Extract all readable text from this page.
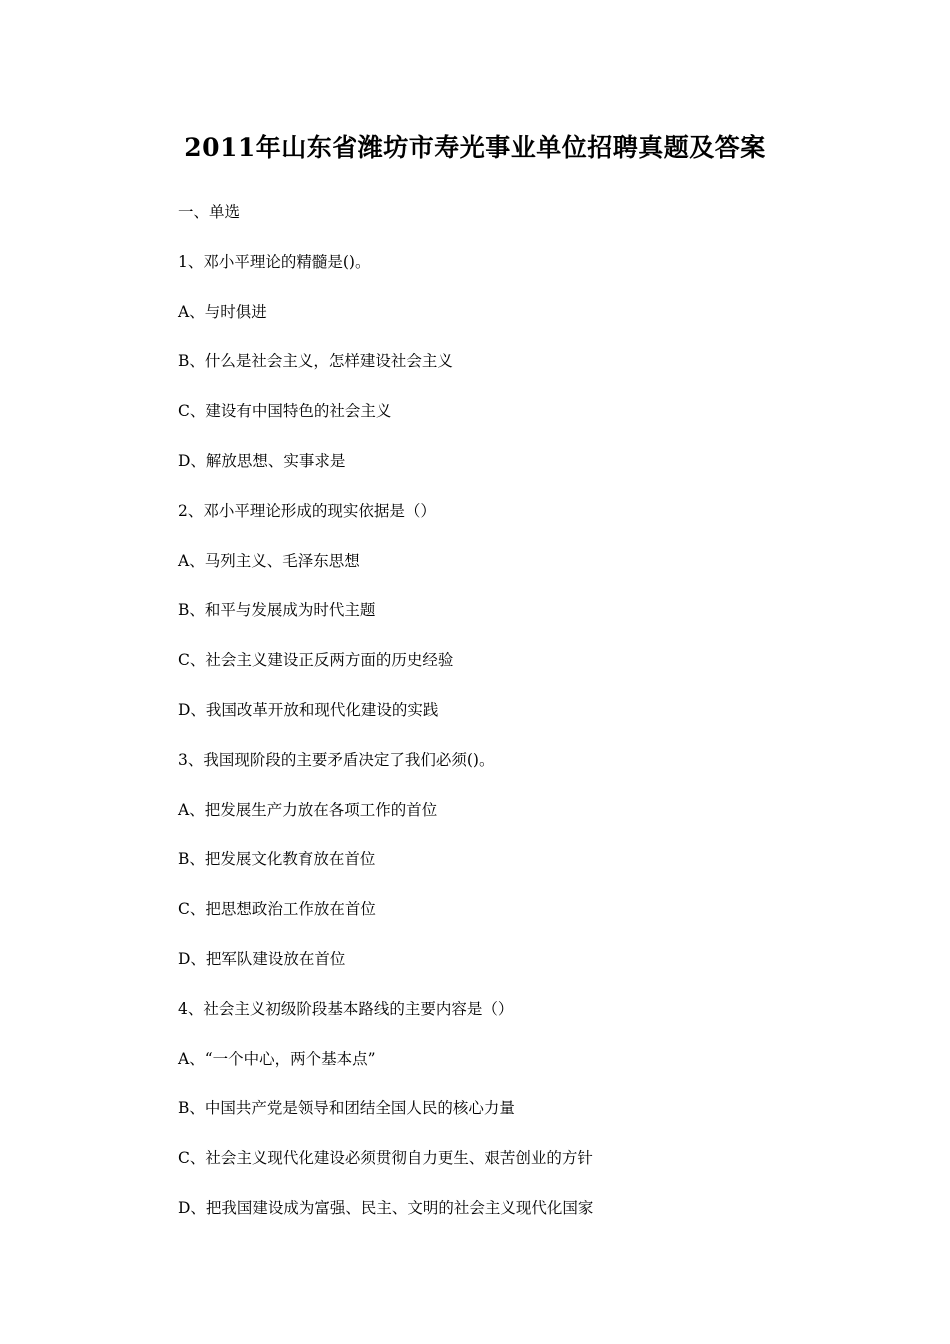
2011年山东省潍坊市寿光事业单位招聘真题及答案
一、单选
1、邓小平理论的精髓是()。
A、与时俱进
B、什么是社会主义，怎样建设社会主义
C、建设有中国特色的社会主义
D、解放思想、实事求是
2、邓小平理论形成的现实依据是（）
A、马列主义、毛泽东思想
B、和平与发展成为时代主题
C、社会主义建设正反两方面的历史经验
D、我国改革开放和现代化建设的实践
3、我国现阶段的主要矛盾决定了我们必须()。
A、把发展生产力放在各项工作的首位
B、把发展文化教育放在首位
C、把思想政治工作放在首位
D、把军队建设放在首位
4、社会主义初级阶段基本路线的主要内容是（）
A、“一个中心，两个基本点”
B、中国共产党是领导和团结全国人民的核心力量
C、社会主义现代化建设必须贯彻自力更生、艰苦创业的方针
D、把我国建设成为富强、民主、文明的社会主义现代化国家
